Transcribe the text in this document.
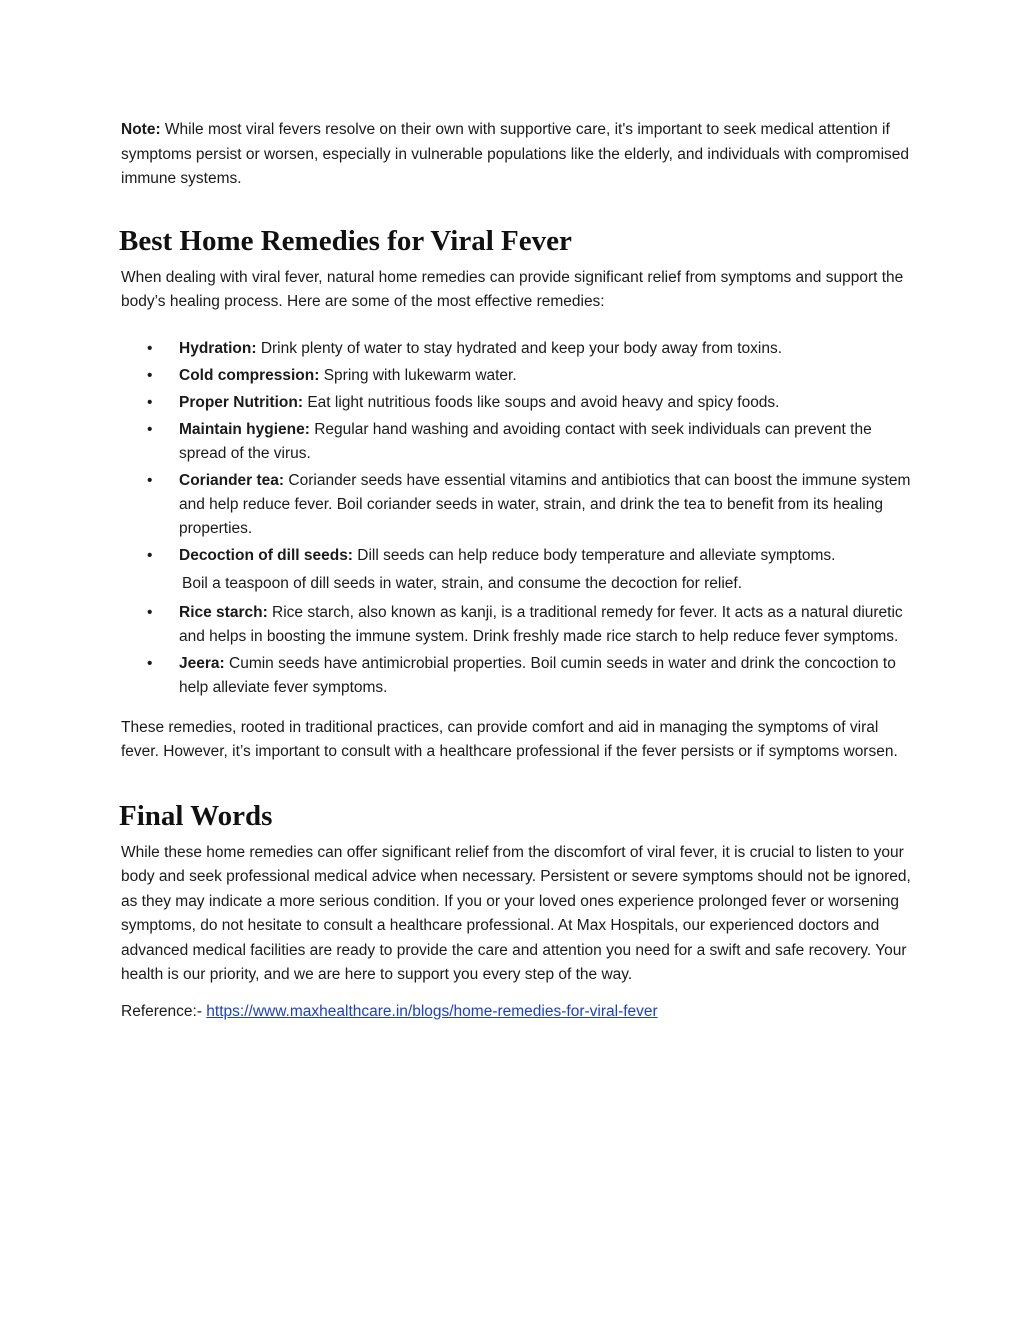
Note: While most viral fevers resolve on their own with supportive care, it's important to seek medical attention if symptoms persist or worsen, especially in vulnerable populations like the elderly, and individuals with compromised immune systems.

Best Home Remedies for Viral Fever

When dealing with viral fever, natural home remedies can provide significant relief from symptoms and support the body’s healing process. Here are some of the most effective remedies:

• Hydration: Drink plenty of water to stay hydrated and keep your body away from toxins.
• Cold compression: Spring with lukewarm water.
• Proper Nutrition: Eat light nutritious foods like soups and avoid heavy and spicy foods.
• Maintain hygiene: Regular hand washing and avoiding contact with seek individuals can prevent the spread of the virus.
• Coriander tea: Coriander seeds have essential vitamins and antibiotics that can boost the immune system and help reduce fever. Boil coriander seeds in water, strain, and drink the tea to benefit from its healing properties.
• Decoction of dill seeds: Dill seeds can help reduce body temperature and alleviate symptoms.
Boil a teaspoon of dill seeds in water, strain, and consume the decoction for relief.
• Rice starch: Rice starch, also known as kanji, is a traditional remedy for fever. It acts as a natural diuretic and helps in boosting the immune system. Drink freshly made rice starch to help reduce fever symptoms.
• Jeera: Cumin seeds have antimicrobial properties. Boil cumin seeds in water and drink the concoction to help alleviate fever symptoms.

These remedies, rooted in traditional practices, can provide comfort and aid in managing the symptoms of viral fever. However, it’s important to consult with a healthcare professional if the fever persists or if symptoms worsen.

Final Words

While these home remedies can offer significant relief from the discomfort of viral fever, it is crucial to listen to your body and seek professional medical advice when necessary. Persistent or severe symptoms should not be ignored, as they may indicate a more serious condition. If you or your loved ones experience prolonged fever or worsening symptoms, do not hesitate to consult a healthcare professional. At Max Hospitals, our experienced doctors and advanced medical facilities are ready to provide the care and attention you need for a swift and safe recovery. Your health is our priority, and we are here to support you every step of the way.

Reference:- https://www.maxhealthcare.in/blogs/home-remedies-for-viral-fever
